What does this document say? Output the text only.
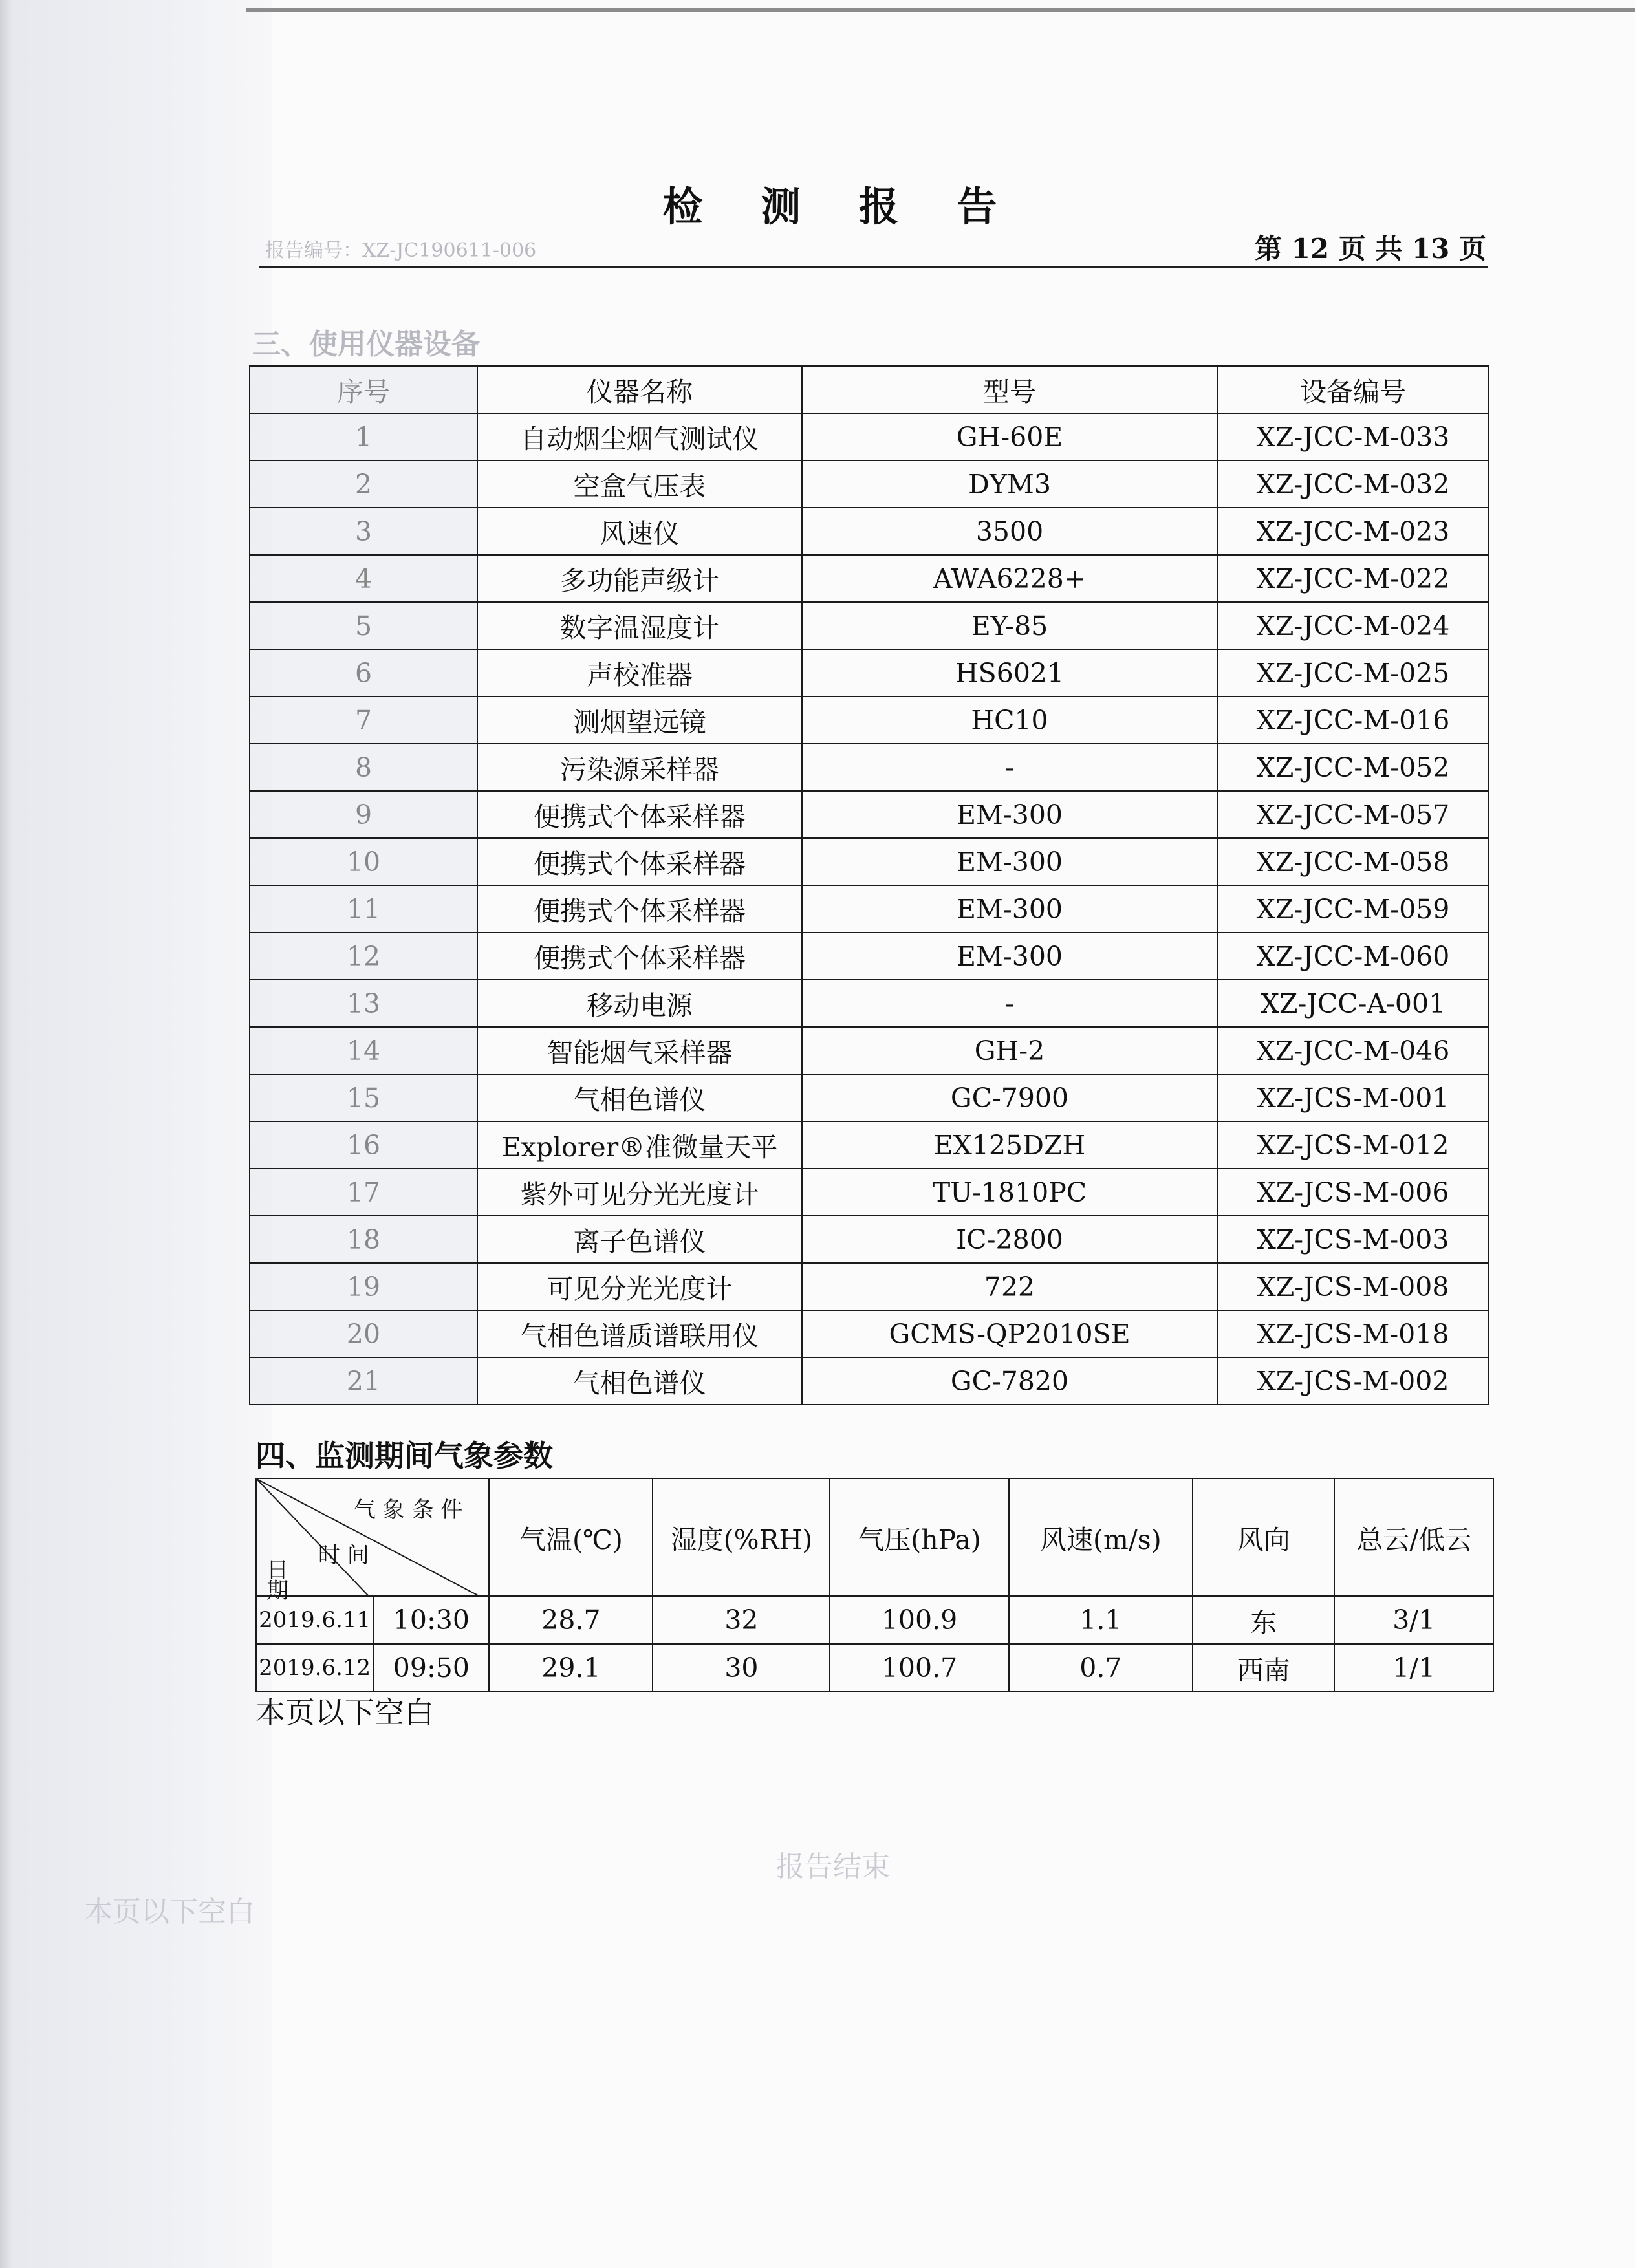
报告结束
本页以下空白
检 测 报 告
报告编号：XZ-JC190611-006	第 12 页 共 13 页
三、使用仪器设备
序号	仪器名称	型号	设备编号
1	自动烟尘烟气测试仪	GH-60E	XZ-JCC-M-033
2	空盒气压表	DYM3	XZ-JCC-M-032
3	风速仪	3500	XZ-JCC-M-023
4	多功能声级计	AWA6228+	XZ-JCC-M-022
5	数字温湿度计	EY-85	XZ-JCC-M-024
6	声校准器	HS6021	XZ-JCC-M-025
7	测烟望远镜	HC10	XZ-JCC-M-016
8	污染源采样器	-	XZ-JCC-M-052
9	便携式个体采样器	EM-300	XZ-JCC-M-057
10	便携式个体采样器	EM-300	XZ-JCC-M-058
11	便携式个体采样器	EM-300	XZ-JCC-M-059
12	便携式个体采样器	EM-300	XZ-JCC-M-060
13	移动电源	-	XZ-JCC-A-001
14	智能烟气采样器	GH-2	XZ-JCC-M-046
15	气相色谱仪	GC-7900	XZ-JCS-M-001
16	Explorer®准微量天平	EX125DZH	XZ-JCS-M-012
17	紫外可见分光光度计	TU-1810PC	XZ-JCS-M-006
18	离子色谱仪	IC-2800	XZ-JCS-M-003
19	可见分光光度计	722	XZ-JCS-M-008
20	气相色谱质谱联用仪	GCMS-QP2010SE	XZ-JCS-M-018
21	气相色谱仪	GC-7820	XZ-JCS-M-002
四、监测期间气象参数
气 象 条 件
时 间
日 期		气温(℃)	湿度(%RH)	气压(hPa)	风速(m/s)	风向	总云/低云
2019.6.11	10:30	28.7	32	100.9	1.1	东	3/1
2019.6.12	09:50	29.1	30	100.7	0.7	西南	1/1
本页以下空白
